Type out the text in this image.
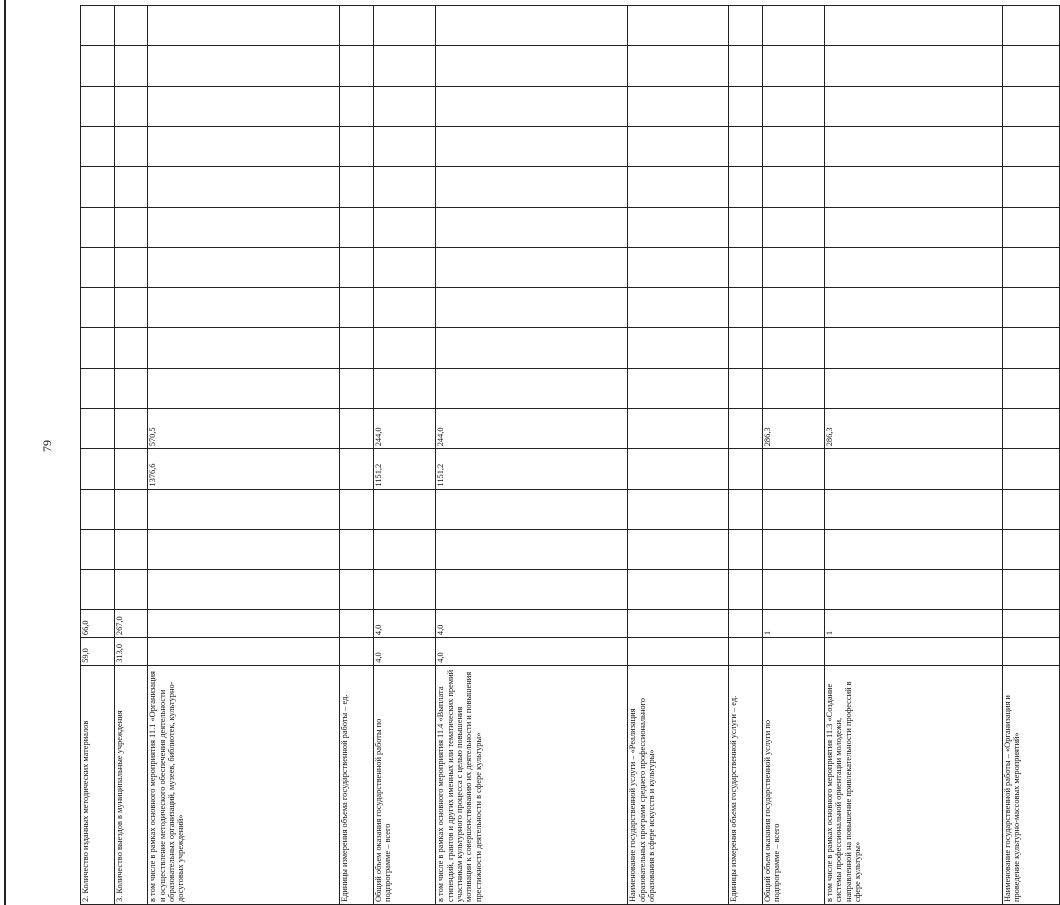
79
2. Количество изданных методических материалов	59,0	66,0															
3. Количество выездов в муниципальные учреждения	313,0	267,0															
в том числе в рамках основного мероприятия 11.1 «Организация и осуществление методического обеспечения деятельности образовательных организаций, музеев, библиотек, культурно-досуговых учреждений»						1376,6	570,5										
Единицы измерения объема государственной работы – ед.																	
Общий объем оказания государственной работы по подпрограмме – всего	4,0	4,0				1151,2	244,0										
в том числе в рамках основного мероприятия 11.4 «Выплата стипендий, грантов и других именных или тематических премий участникам культурного процесса с целью повышения мотивации к совершенствованию их деятельности и повышения престижности деятельности в сфере культуры»	4,0	4,0				1151,2	244,0										
Наименование государственной услуги – «Реализация образовательных программ среднего профессионального образования в сфере искусств и культуры»																	
Единицы измерения объема государственной услуги – ед.																	
Общий объем оказания государственной услуги по подпрограмме – всего		1					286,3										
в том числе в рамках основного мероприятия 11.3 «Создание системы профессиональной ориентации молодежи, направленной на повышение привлекательности профессий в сфере культуры»		1					286,3										
Наименование государственной работы – «Организация и проведение культурно-массовых мероприятий»																	
